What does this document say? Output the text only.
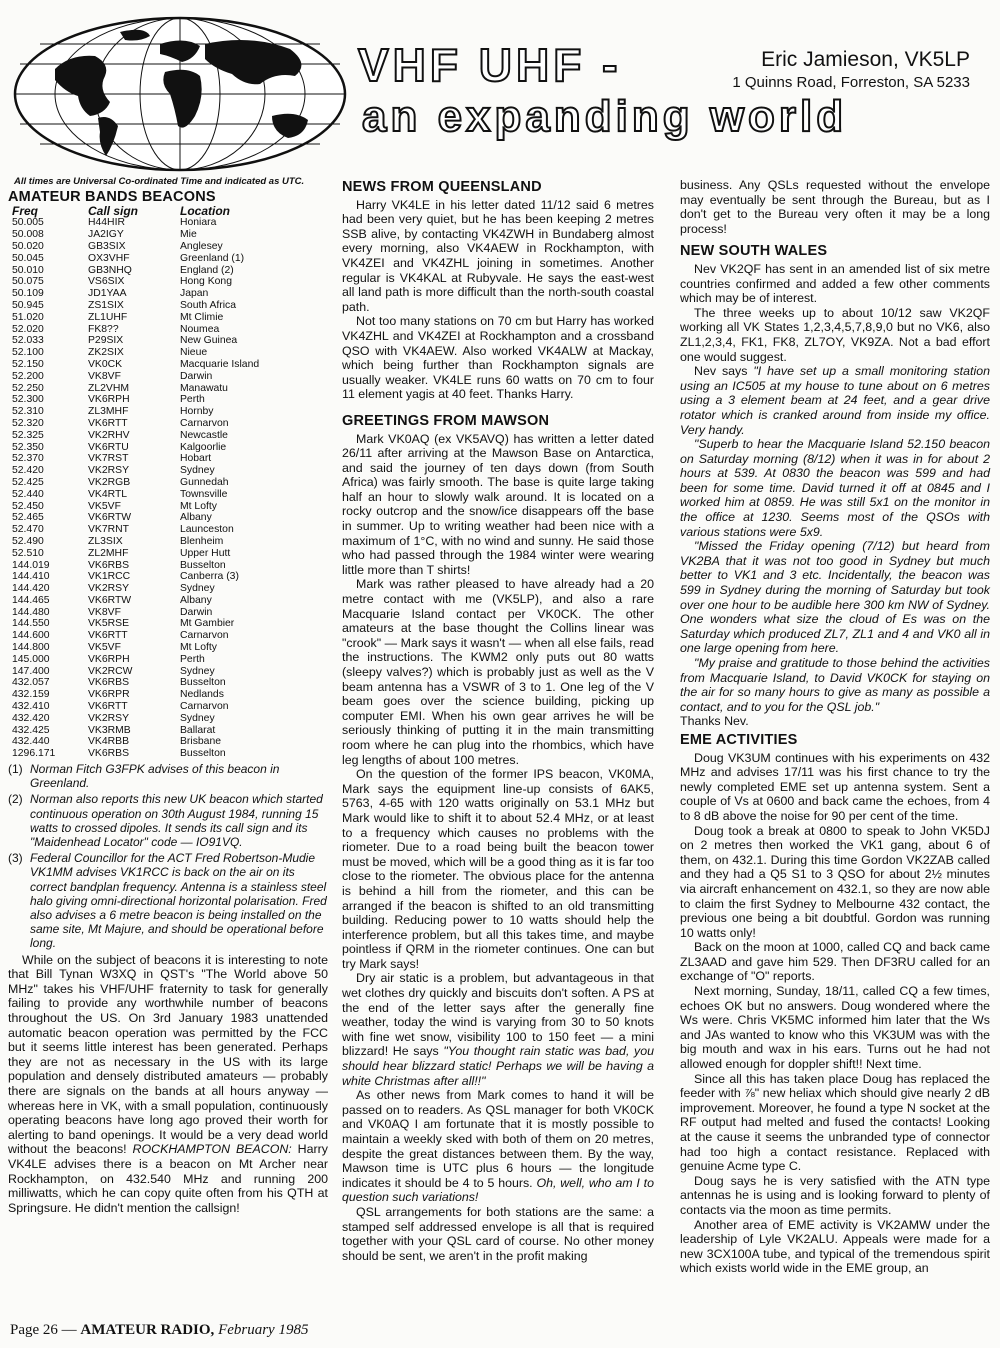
VHF UHF -
an expanding world
Eric Jamieson, VK5LP
1 Quinns Road, Forreston, SA 5233
All times are Universal Co-ordinated Time and indicated as UTC.
AMATEUR BANDS BEACONS
Freq	Call sign	Location
50.005	H44HIR	Honiara
50.008	JA2IGY	Mie
50.020	GB3SIX	Anglesey
50.045	OX3VHF	Greenland (1)
50.010	GB3NHQ	England (2)
50.075	VS6SIX	Hong Kong
50.109	JD1YAA	Japan
50.945	ZS1SIX	South Africa
51.020	ZL1UHF	Mt Climie
52.020	FK8??	Noumea
52.033	P29SIX	New Guinea
52.100	ZK2SIX	Nieue
52.150	VK0CK	Macquarie Island
52.200	VK8VF	Darwin
52.250	ZL2VHM	Manawatu
52.300	VK6RPH	Perth
52.310	ZL3MHF	Hornby
52.320	VK6RTT	Carnarvon
52.325	VK2RHV	Newcastle
52.350	VK6RTU	Kalgoorlie
52.370	VK7RST	Hobart
52.420	VK2RSY	Sydney
52.425	VK2RGB	Gunnedah
52.440	VK4RTL	Townsville
52.450	VK5VF	Mt Lofty
52.465	VK6RTW	Albany
52.470	VK7RNT	Launceston
52.490	ZL3SIX	Blenheim
52.510	ZL2MHF	Upper Hutt
144.019	VK6RBS	Busselton
144.410	VK1RCC	Canberra (3)
144.420	VK2RSY	Sydney
144.465	VK6RTW	Albany
144.480	VK8VF	Darwin
144.550	VK5RSE	Mt Gambier
144.600	VK6RTT	Carnarvon
144.800	VK5VF	Mt Lofty
145.000	VK6RPH	Perth
147.400	VK2RCW	Sydney
432.057	VK6RBS	Busselton
432.159	VK6RPR	Nedlands
432.410	VK6RTT	Carnarvon
432.420	VK2RSY	Sydney
432.425	VK3RMB	Ballarat
432.440	VK4RBB	Brisbane
1296.171	VK6RBS	Busselton
(1) Norman Fitch G3FPK advises of this beacon in Greenland.
(2) Norman also reports this new UK beacon which started continuous operation on 30th August 1984, running 15 watts to crossed dipoles. It sends its call sign and its "Maidenhead Locator" code — IO91VQ.
(3) Federal Councillor for the ACT Fred Robertson-Mudie VK1MM advises VK1RCC is back on the air on its correct bandplan frequency. Antenna is a stainless steel halo giving omni-directional horizontal polarisation. Fred also advises a 6 metre beacon is being installed on the same site, Mt Majure, and should be operational before long.

While on the subject of beacons it is interesting to note that Bill Tynan W3XQ in QST's "The World above 50 MHz" takes his VHF/UHF fraternity to task for generally failing to provide any worthwhile number of beacons throughout the US. On 3rd January 1983 unattended automatic beacon operation was permitted by the FCC but it seems little interest has been generated. Perhaps they are not as necessary in the US with its large population and densely distributed amateurs — probably there are signals on the bands at all hours anyway — whereas here in VK, with a small population, continuously operating beacons have long ago proved their worth for alerting to band openings. It would be a very dead world without the beacons! ROCKHAMPTON BEACON: Harry VK4LE advises there is a beacon on Mt Archer near Rockhampton, on 432.540 MHz and running 200 milliwatts, which he can copy quite often from his QTH at Springsure. He didn't mention the callsign!

NEWS FROM QUEENSLAND

Harry VK4LE in his letter dated 11/12 said 6 metres had been very quiet, but he has been keeping 2 metres SSB alive, by contacting VK4ZWH in Bundaberg almost every morning, also VK4AEW in Rockhampton, with VK4ZEI and VK4ZHL joining in sometimes. Another regular is VK4KAL at Rubyvale. He says the east-west all land path is more difficult than the north-south coastal path.

Not too many stations on 70 cm but Harry has worked VK4ZHL and VK4ZEI at Rockhampton and a crossband QSO with VK4AEW. Also worked VK4ALW at Mackay, which being further than Rockhampton signals are usually weaker. VK4LE runs 60 watts on 70 cm to four 11 element yagis at 40 feet. Thanks Harry.

GREETINGS FROM MAWSON

Mark VK0AQ (ex VK5AVQ) has written a letter dated 26/11 after arriving at the Mawson Base on Antarctica, and said the journey of ten days down (from South Africa) was fairly smooth. The base is quite large taking half an hour to slowly walk around. It is located on a rocky outcrop and the snow/ice disappears off the base in summer. Up to writing weather had been nice with a maximum of 1°C, with no wind and sunny. He said those who had passed through the 1984 winter were wearing little more than T shirts!

Mark was rather pleased to have already had a 20 metre contact with me (VK5LP), and also a rare Macquarie Island contact per VK0CK. The other amateurs at the base thought the Collins linear was "crook" — Mark says it wasn't — when all else fails, read the instructions. The KWM2 only puts out 80 watts (sleepy valves?) which is probably just as well as the V beam antenna has a VSWR of 3 to 1. One leg of the V beam goes over the science building, picking up computer EMI. When his own gear arrives he will be seriously thinking of putting it in the main transmitting room where he can plug into the rhombics, which have leg lengths of about 100 metres.

On the question of the former IPS beacon, VK0MA, Mark says the equipment line-up consists of 6AK5, 5763, 4-65 with 120 watts originally on 53.1 MHz but Mark would like to shift it to about 52.4 MHz, or at least to a frequency which causes no problems with the riometer. Due to a road being built the beacon tower must be moved, which will be a good thing as it is far too close to the riometer. The obvious place for the antenna is behind a hill from the riometer, and this can be arranged if the beacon is shifted to an old transmitting building. Reducing power to 10 watts should help the interference problem, but all this takes time, and maybe pointless if QRM in the riometer continues. One can but try Mark says!

Dry air static is a problem, but advantageous in that wet clothes dry quickly and biscuits don't soften. A PS at the end of the letter says after the generally fine weather, today the wind is varying from 30 to 50 knots with fine wet snow, visibility 100 to 150 feet — a mini blizzard! He says "You thought rain static was bad, you should hear blizzard static! Perhaps we will be having a white Christmas after all!!"

As other news from Mark comes to hand it will be passed on to readers. As QSL manager for both VK0CK and VK0AQ I am fortunate that it is mostly possible to maintain a weekly sked with both of them on 20 metres, despite the great distances between them. By the way, Mawson time is UTC plus 6 hours — the longitude indicates it should be 4 to 5 hours. Oh, well, who am I to question such variations!

QSL arrangements for both stations are the same: a stamped self addressed envelope is all that is required together with your QSL card of course. No other money should be sent, we aren't in the profit making

business. Any QSLs requested without the envelope may eventually be sent through the Bureau, but as I don't get to the Bureau very often it may be a long process!

NEW SOUTH WALES

Nev VK2QF has sent in an amended list of six metre countries confirmed and added a few other comments which may be of interest.

The three weeks up to about 10/12 saw VK2QF working all VK States 1,2,3,4,5,7,8,9,0 but no VK6, also ZL1,2,3,4, FK1, FK8, ZL7OY, VK9ZA. Not a bad effort one would suggest.

Nev says "I have set up a small monitoring station using an IC505 at my house to tune about on 6 metres using a 3 element beam at 24 feet, and a gear drive rotator which is cranked around from inside my office. Very handy.

"Superb to hear the Macquarie Island 52.150 beacon on Saturday morning (8/12) when it was in for about 2 hours at 539. At 0830 the beacon was 599 and had been for some time. David turned it off at 0845 and I worked him at 0859. He was still 5x1 on the monitor in the office at 1230. Seems most of the QSOs with various stations were 5x9.

"Missed the Friday opening (7/12) but heard from VK2BA that it was not too good in Sydney but much better to VK1 and 3 etc. Incidentally, the beacon was 599 in Sydney during the morning of Saturday but took over one hour to be audible here 300 km NW of Sydney. One wonders what size the cloud of Es was on the Saturday which produced ZL7, ZL1 and 4 and VK0 all in one large opening from here.

"My praise and gratitude to those behind the activities from Macquarie Island, to David VK0CK for staying on the air for so many hours to give as many as possible a contact, and to you for the QSL job."

Thanks Nev.

EME ACTIVITIES

Doug VK3UM continues with his experiments on 432 MHz and advises 17/11 was his first chance to try the newly completed EME set up antenna system. Sent a couple of Vs at 0600 and back came the echoes, from 4 to 8 dB above the noise for 90 per cent of the time.

Doug took a break at 0800 to speak to John VK5DJ on 2 metres then worked the VK1 gang, about 6 of them, on 432.1. During this time Gordon VK2ZAB called and they had a Q5 S1 to 3 QSO for about 2½ minutes via aircraft enhancement on 432.1, so they are now able to claim the first Sydney to Melbourne 432 contact, the previous one being a bit doubtful. Gordon was running 10 watts only!

Back on the moon at 1000, called CQ and back came ZL3AAD and gave him 529. Then DF3RU called for an exchange of "O" reports.

Next morning, Sunday, 18/11, called CQ a few times, echoes OK but no answers. Doug wondered where the Ws were. Chris VK5MC informed him later that the Ws and JAs wanted to know who this VK3UM was with the big mouth and wax in his ears. Turns out he had not allowed enough for doppler shift!! Next time.

Since all this has taken place Doug has replaced the feeder with ⅞" new heliax which should give nearly 2 dB improvement. Moreover, he found a type N socket at the RF output had melted and fused the contacts! Looking at the cause it seems the unbranded type of connector had too high a contact resistance. Replaced with genuine Acme type C.

Doug says he is very satisfied with the ATN type antennas he is using and is looking forward to plenty of contacts via the moon as time permits.

Another area of EME activity is VK2AMW under the leadership of Lyle VK2ALU. Appeals were made for a new 3CX100A tube, and typical of the tremendous spirit which exists world wide in the EME group, an

Page 26 — AMATEUR RADIO, February 1985
